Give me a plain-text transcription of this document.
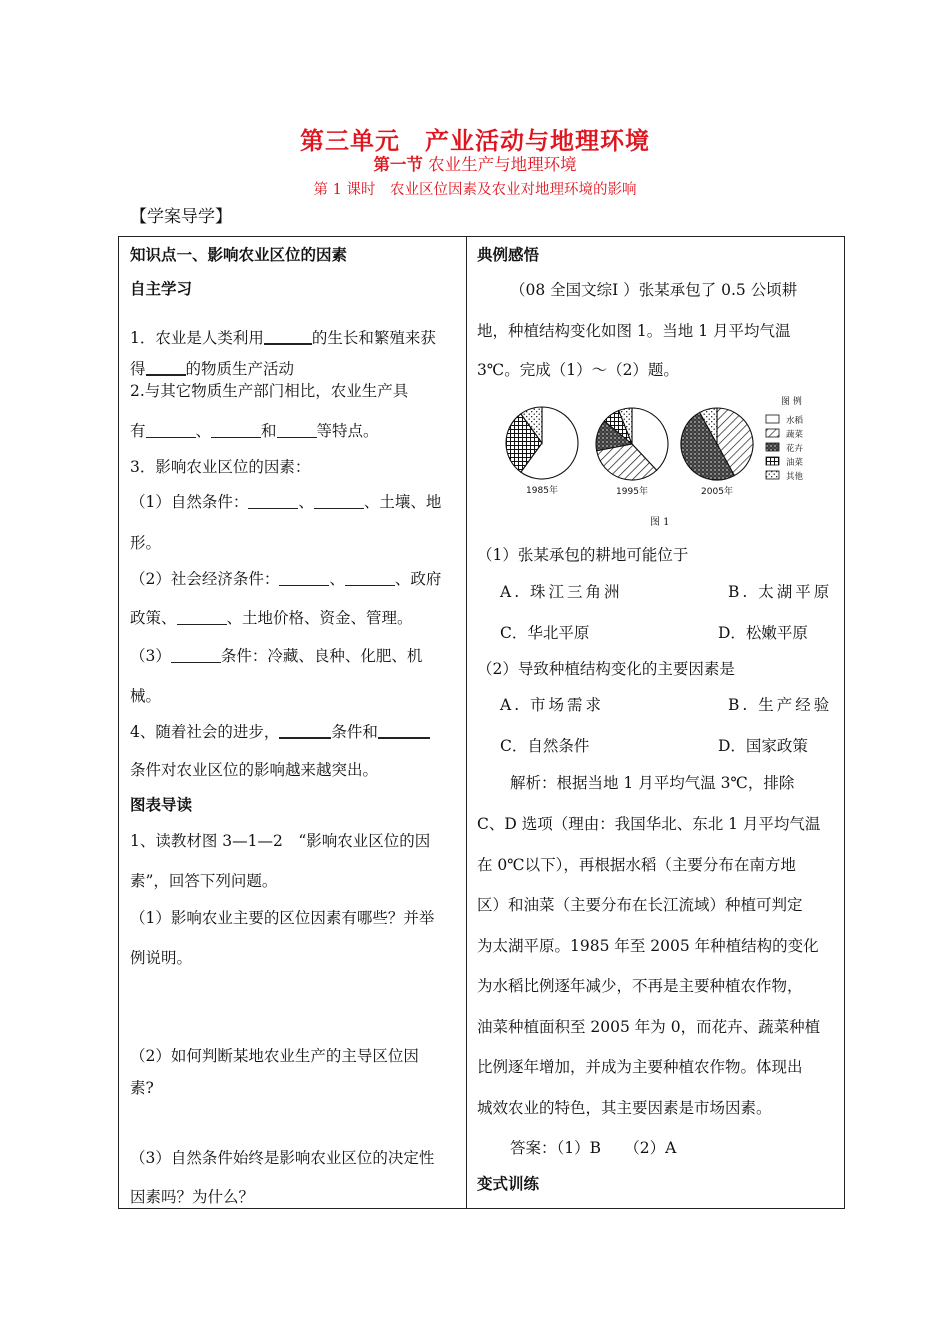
第三单元　产业活动与地理环境
第一节 农业生产与地理环境
第 1 课时　农业区位因素及农业对地理环境的影响
【学案导学】
知识点一、影响农业区位的因素
自主学习
1．农业是人类利用	的生长和繁殖来获
得	的物质生产活动
2.与其它物质生产部门相比，农业生产具
有	、	和	等特点。
3．影响农业区位的因素：
（1）自然条件：	、	、土壤、地
形。
（2）社会经济条件：	、	、政府
政策、	、土地价格、资金、管理。
（3）	条件：冷藏、良种、化肥、机
械。
4、随着社会的进步，	条件和
条件对农业区位的影响越来越突出。
图表导读
1、读教材图 3—1—2　“影响农业区位的因
素”，回答下列问题。
（1）影响农业主要的区位因素有哪些？并举
例说明。
（2）如何判断某地农业生产的主导区位因
素?
（3）自然条件始终是影响农业区位的决定性
因素吗？为什么？
典例感悟
（08 全国文综Ⅰ ）张某承包了 0.5 公顷耕
地，种植结构变化如图 1。当地 1 月平均气温
3℃。完成（1）～（2）题。
1985年	1995年	2005年
图 例
水稻
蔬菜
花卉
油菜
其他
图 1
（1）张某承包的耕地可能位于
A. 珠江三角洲	B. 太湖平原
C．华北平原	D．松嫩平原
（2）导致种植结构变化的主要因素是
A. 市场需求	B. 生产经验
C．自然条件	D．国家政策
解析：根据当地 1 月平均气温 3℃，排除
C、D 选项（理由：我国华北、东北 1 月平均气温
在 0℃以下），再根据水稻（主要分布在南方地
区）和油菜（主要分布在长江流域）种植可判定
为太湖平原。1985 年至 2005 年种植结构的变化
为水稻比例逐年减少，不再是主要种植农作物，
油菜种植面积至 2005 年为 0，而花卉、蔬菜种植
比例逐年增加，并成为主要种植农作物。体现出
城效农业的特色，其主要因素是市场因素。
答案：（1）B　　（2）A
变式训练
